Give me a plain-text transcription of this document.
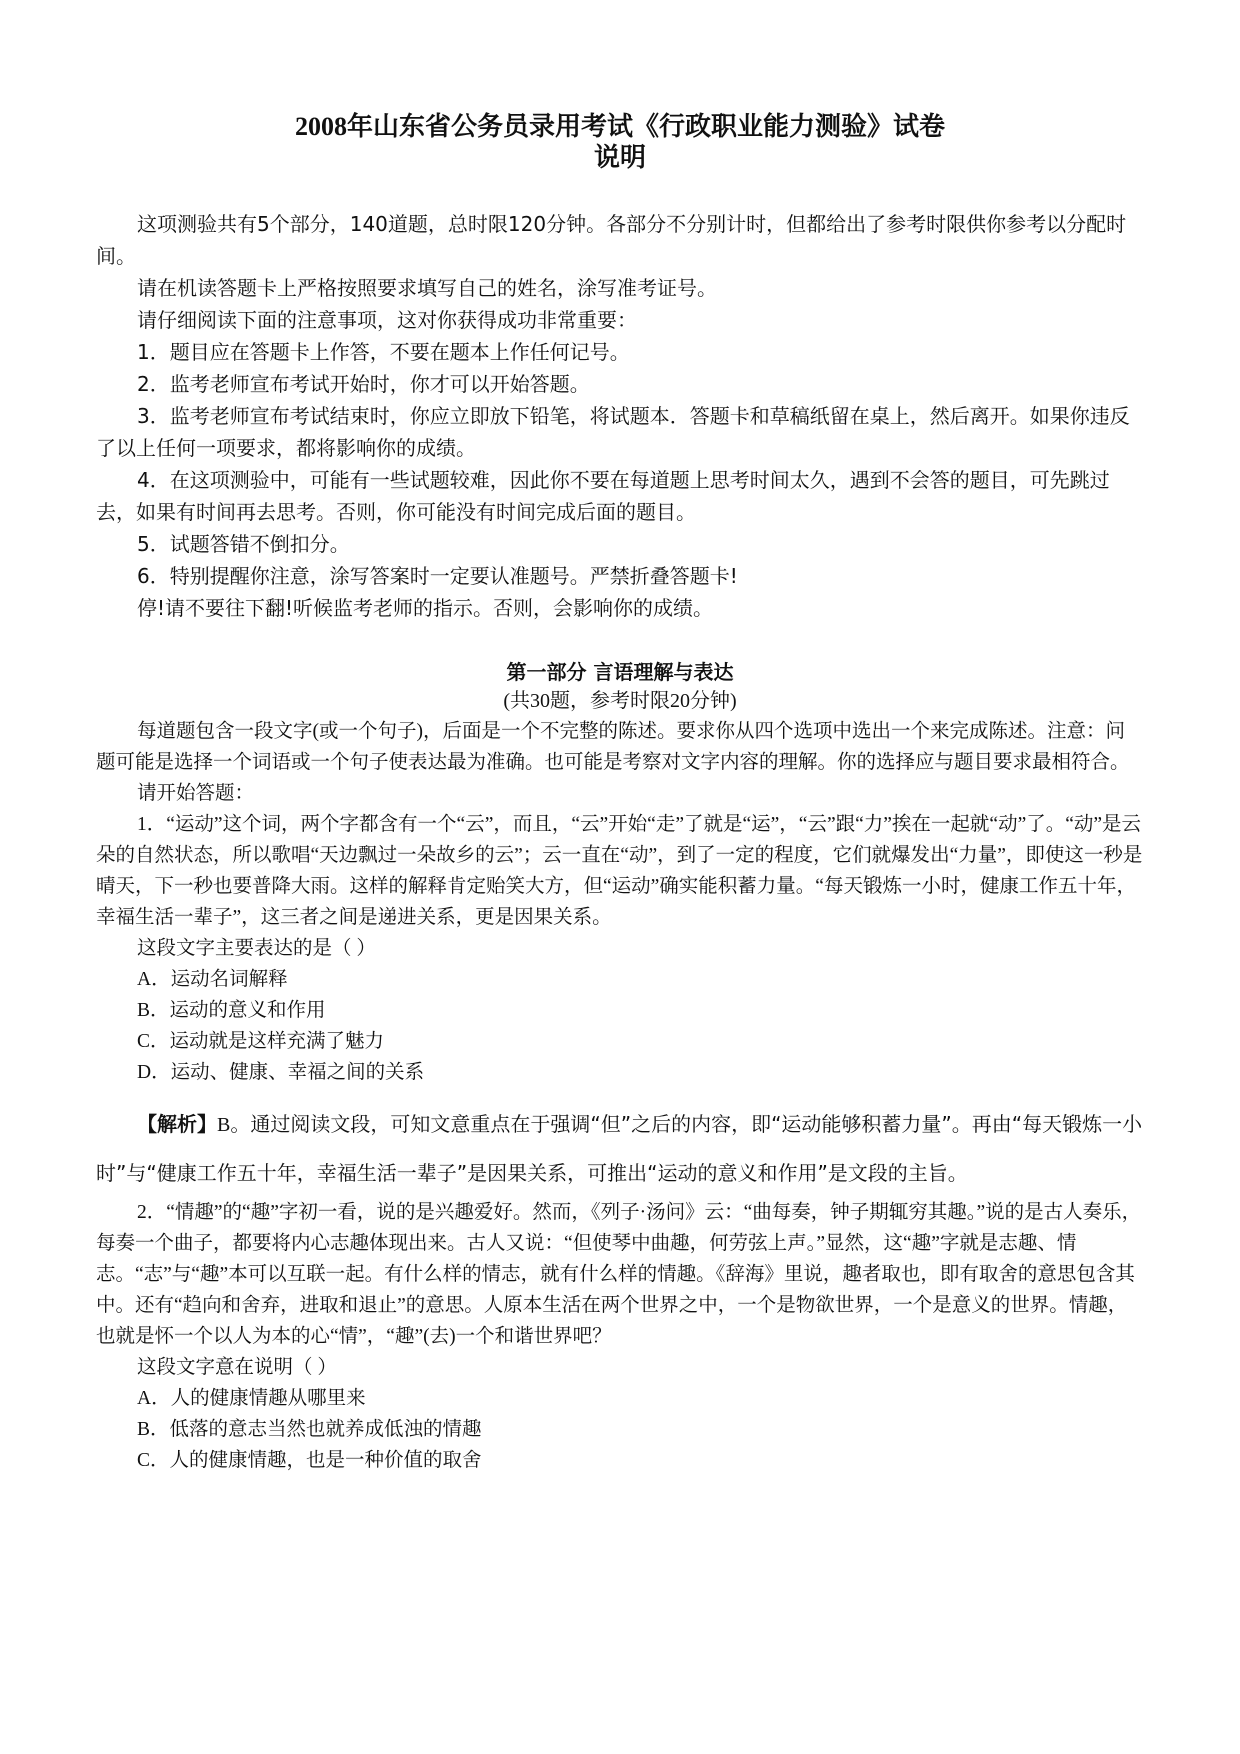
2008年山东省公务员录用考试《行政职业能力测验》试卷
说明

这项测验共有5个部分，140道题，总时限120分钟。各部分不分别计时，但都给出了参考时限供你参考以分配时间。

请在机读答题卡上严格按照要求填写自己的姓名，涂写准考证号。

请仔细阅读下面的注意事项，这对你获得成功非常重要：

1．题目应在答题卡上作答，不要在题本上作任何记号。

2．监考老师宣布考试开始时，你才可以开始答题。

3．监考老师宣布考试结束时，你应立即放下铅笔，将试题本．答题卡和草稿纸留在桌上，然后离开。如果你违反了以上任何一项要求，都将影响你的成绩。

4．在这项测验中，可能有一些试题较难，因此你不要在每道题上思考时间太久，遇到不会答的题目，可先跳过去，如果有时间再去思考。否则，你可能没有时间完成后面的题目。

5．试题答错不倒扣分。

6．特别提醒你注意，涂写答案时一定要认准题号。严禁折叠答题卡!

停!请不要往下翻!听候监考老师的指示。否则，会影响你的成绩。

第一部分 言语理解与表达
(共30题，参考时限20分钟)

每道题包含一段文字(或一个句子)，后面是一个不完整的陈述。要求你从四个选项中选出一个来完成陈述。注意：问题可能是选择一个词语或一个句子使表达最为准确。也可能是考察对文字内容的理解。你的选择应与题目要求最相符合。

请开始答题：

1．“运动”这个词，两个字都含有一个“云”，而且，“云”开始“走”了就是“运”，“云”跟“力”挨在一起就“动”了。“动”是云朵的自然状态，所以歌唱“天边飘过一朵故乡的云”；云一直在“动”，到了一定的程度，它们就爆发出“力量”，即使这一秒是晴天，下一秒也要普降大雨。这样的解释肯定贻笑大方，但“运动”确实能积蓄力量。“每天锻炼一小时，健康工作五十年，幸福生活一辈子”，这三者之间是递进关系，更是因果关系。

这段文字主要表达的是（ ）

A．运动名词解释

B．运动的意义和作用

C．运动就是这样充满了魅力

D．运动、健康、幸福之间的关系

【解析】B。通过阅读文段，可知文意重点在于强调“但”之后的内容，即“运动能够积蓄力量”。再由“每天锻炼一小时”与“健康工作五十年，幸福生活一辈子”是因果关系，可推出“运动的意义和作用”是文段的主旨。

2．“情趣”的“趣”字初一看，说的是兴趣爱好。然而，《列子·汤问》云：“曲每奏，钟子期辄穷其趣。”说的是古人奏乐，每奏一个曲子，都要将内心志趣体现出来。古人又说：“但使琴中曲趣，何劳弦上声。”显然，这“趣”字就是志趣、情志。“志”与“趣”本可以互联一起。有什么样的情志，就有什么样的情趣。《辞海》里说，趣者取也，即有取舍的意思包含其中。还有“趋向和舍弃，进取和退止”的意思。人原本生活在两个世界之中，一个是物欲世界，一个是意义的世界。情趣，也就是怀一个以人为本的心“情”，“趣”(去)一个和谐世界吧？

这段文字意在说明（ ）

A．人的健康情趣从哪里来

B．低落的意志当然也就养成低浊的情趣

C．人的健康情趣，也是一种价值的取舍
